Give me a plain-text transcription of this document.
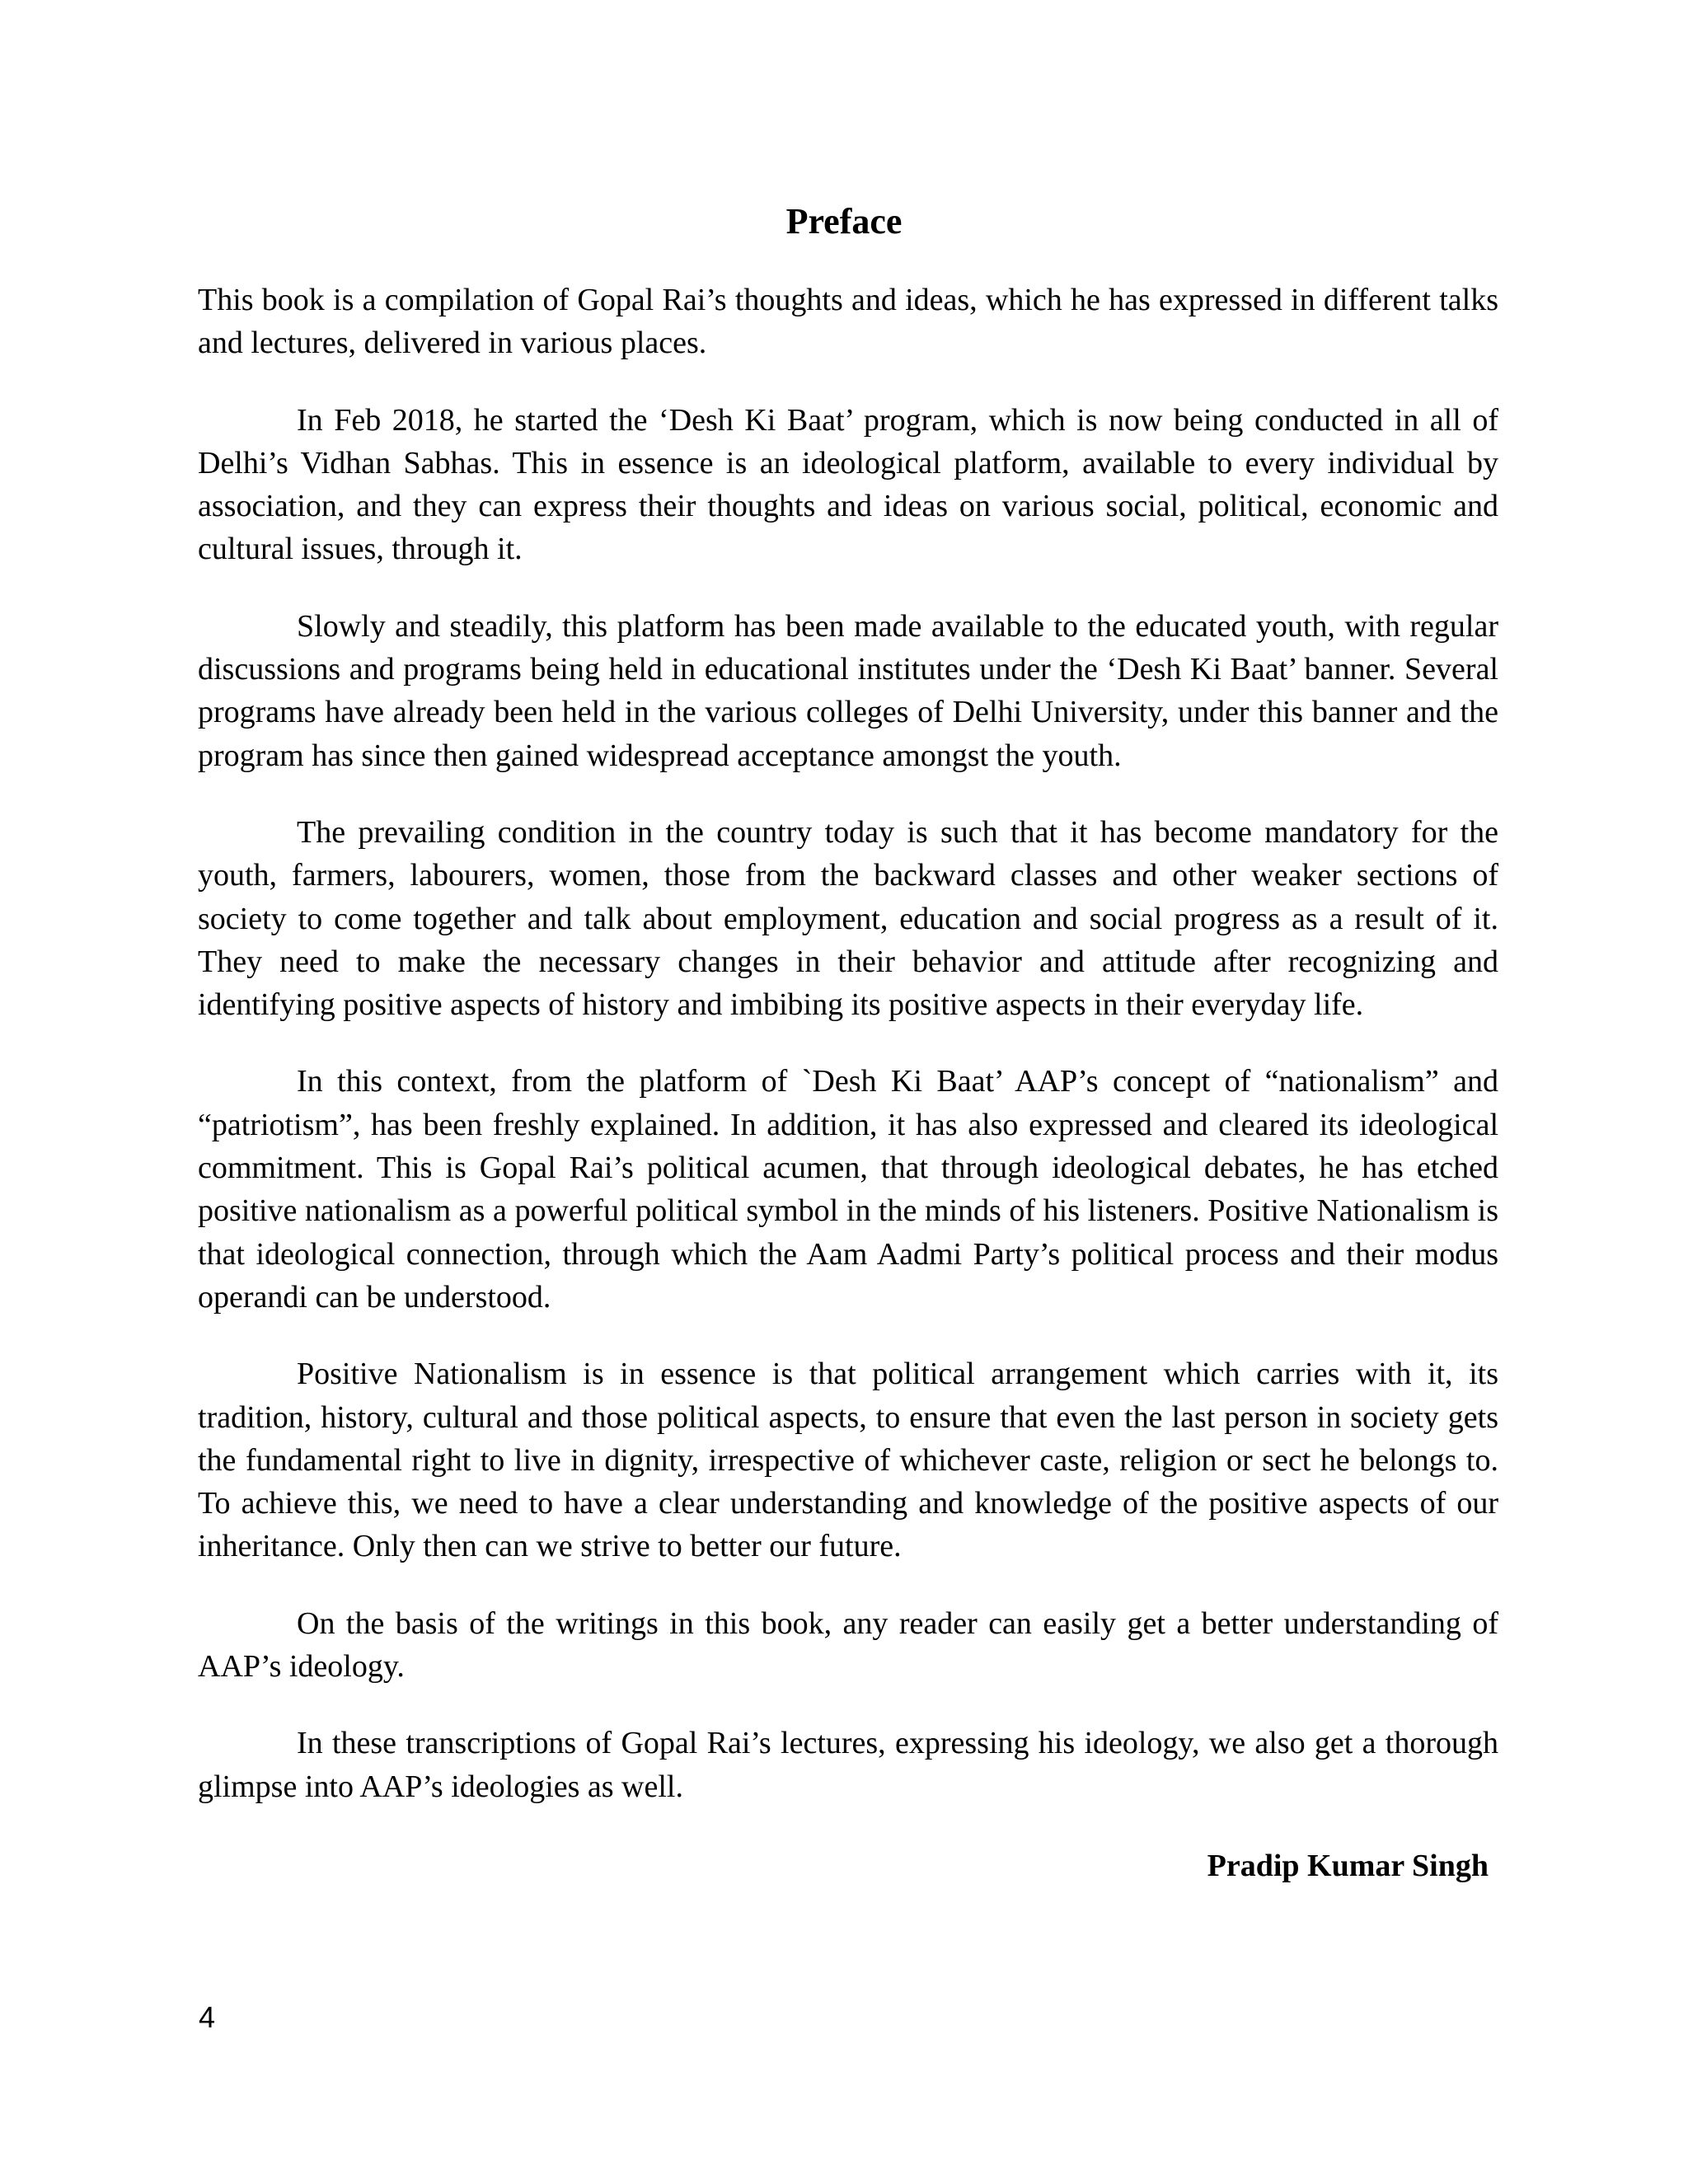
Preface

This book is a compilation of Gopal Rai’s thoughts and ideas, which he has expressed in different talks and lectures, delivered in various places.

In Feb 2018, he started the ‘Desh Ki Baat’ program, which is now being conducted in all of Delhi’s Vidhan Sabhas. This in essence is an ideological platform, available to every individual by association, and they can express their thoughts and ideas on various social, political, economic and cultural issues, through it.

Slowly and steadily, this platform has been made available to the educated youth, with regular discussions and programs being held in educational institutes under the ‘Desh Ki Baat’ banner. Several programs have already been held in the various colleges of Delhi University, under this banner and the program has since then gained widespread acceptance amongst the youth.

The prevailing condition in the country today is such that it has become mandatory for the youth, farmers, labourers, women, those from the backward classes and other weaker sections of society to come together and talk about employment, education and social progress as a result of it. They need to make the necessary changes in their behavior and attitude after recognizing and identifying positive aspects of history and imbibing its positive aspects in their everyday life.

In this context, from the platform of `Desh Ki Baat’ AAP’s concept of “nationalism” and “patriotism”, has been freshly explained. In addition, it has also expressed and cleared its ideological commitment. This is Gopal Rai’s political acumen, that through ideological debates, he has etched positive nationalism as a powerful political symbol in the minds of his listeners. Positive Nationalism is that ideological connection, through which the Aam Aadmi Party’s political process and their modus operandi can be understood.

Positive Nationalism is in essence is that political arrangement which carries with it, its tradition, history, cultural and those political aspects, to ensure that even the last person in society gets the fundamental right to live in dignity, irrespective of whichever caste, religion or sect he belongs to. To achieve this, we need to have a clear understanding and knowledge of the positive aspects of our inheritance. Only then can we strive to better our future.

On the basis of the writings in this book, any reader can easily get a better understanding of AAP’s ideology.

In these transcriptions of Gopal Rai’s lectures, expressing his ideology, we also get a thorough glimpse into AAP’s ideologies as well.

Pradip Kumar Singh

4
